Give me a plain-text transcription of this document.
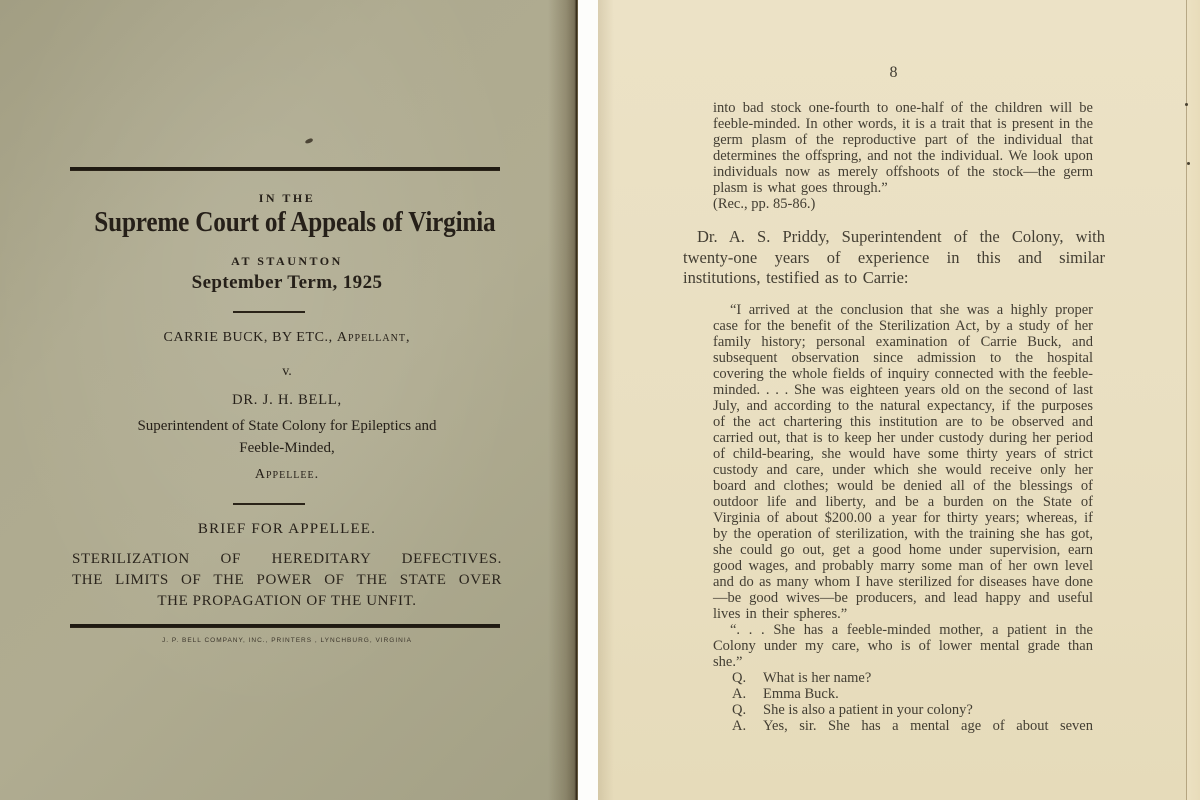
IN THE
Supreme Court of Appeals of Virginia
AT STAUNTON
September Term, 1925
CARRIE BUCK, BY ETC., Appellant,
v.
DR. J. H. BELL,
Superintendent of State Colony for Epileptics and
Feeble-Minded,
Appellee.
BRIEF FOR APPELLEE.
STERILIZATION OF HEREDITARY DEFECTIVES.
THE LIMITS OF THE POWER OF THE STATE OVER
THE PROPAGATION OF THE UNFIT.
J. P. BELL COMPANY, INC., PRINTERS , LYNCHBURG, VIRGINIA
8
into bad stock one-fourth to one-half of the children will be feeble-minded. In other words, it is a trait that is present in the germ plasm of the reproductive part of the individual that determines the offspring, and not the individual. We look upon individuals now as merely offshoots of the stock—the germ plasm is what goes through.”
(Rec., pp. 85-86.)
Dr. A. S. Priddy, Superintendent of the Colony, with twenty-one years of experience in this and similar institutions, testified as to Carrie:
“I arrived at the conclusion that she was a highly proper case for the benefit of the Sterilization Act, by a study of her family history; personal examination of Carrie Buck, and subsequent observation since admission to the hospital covering the whole fields of inquiry connected with the feeble-minded. . . . She was eighteen years old on the second of last July, and according to the natural expectancy, if the purposes of the act chartering this institution are to be observed and carried out, that is to keep her under custody during her period of child-bearing, she would have some thirty years of strict custody and care, under which she would receive only her board and clothes; would be denied all of the blessings of outdoor life and liberty, and be a burden on the State of Virginia of about $200.00 a year for thirty years; whereas, if by the operation of sterilization, with the training she has got, she could go out, get a good home under supervision, earn good wages, and probably marry some man of her own level and do as many whom I have sterilized for diseases have done—be good wives—be producers, and lead happy and useful lives in their spheres.”
“. . . She has a feeble-minded mother, a patient in the Colony under my care, who is of lower mental grade than she.”
Q. What is her name?
A. Emma Buck.
Q. She is also a patient in your colony?
A. Yes, sir. She has a mental age of about seven
